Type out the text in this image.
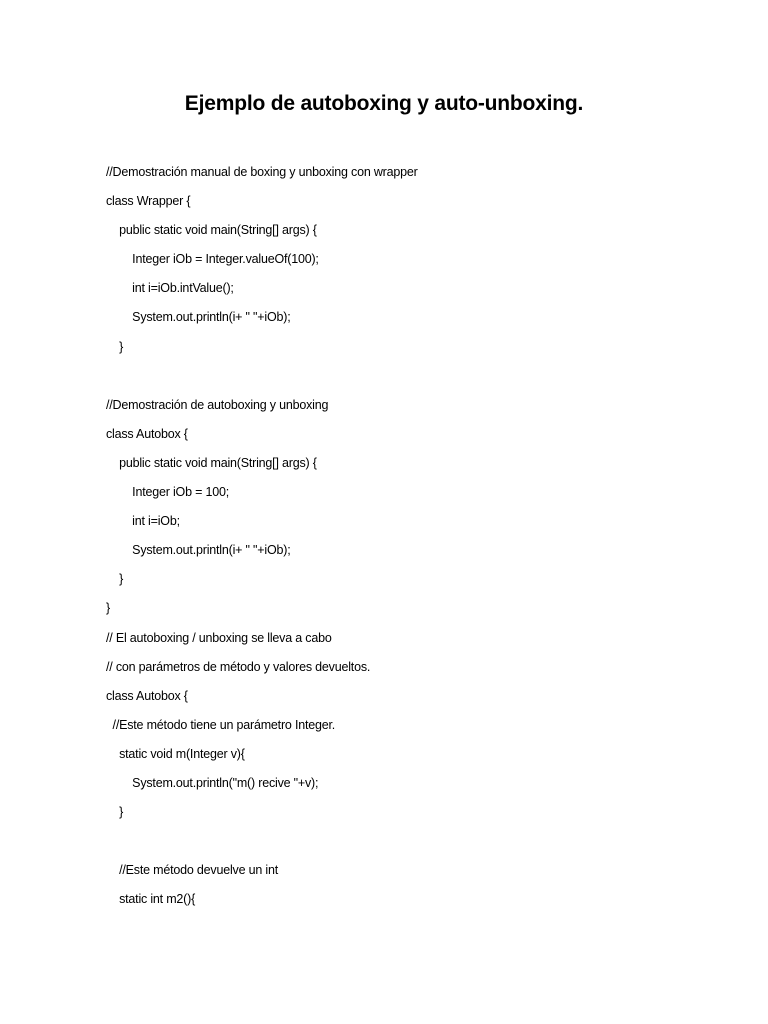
Ejemplo de autoboxing y auto-unboxing.
//Demostración manual de boxing y unboxing con wrapper
class Wrapper {
public static void main(String[] args) {
Integer iOb = Integer.valueOf(100);
int i=iOb.intValue();
System.out.println(i+ " "+iOb);
}
//Demostración de autoboxing y unboxing
class Autobox {
public static void main(String[] args) {
Integer iOb = 100;
int i=iOb;
System.out.println(i+ " "+iOb);
}
}
// El autoboxing / unboxing se lleva a cabo
// con parámetros de método y valores devueltos.
class Autobox {
//Este método tiene un parámetro Integer.
static void m(Integer v){
System.out.println("m() recive "+v);
}
//Este método devuelve un int
static int m2(){
